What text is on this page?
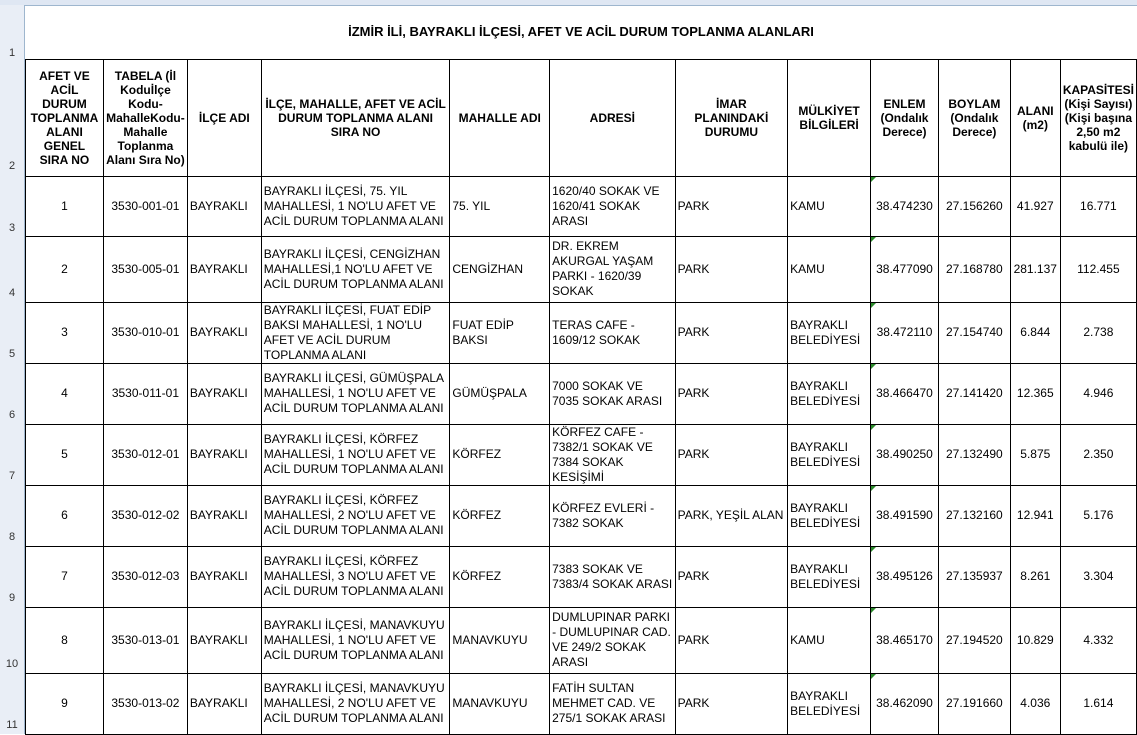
1
2
3
4
5
6
7
8
9
10
11
İZMİR İLİ, BAYRAKLI İLÇESİ, AFET VE ACİL DURUM TOPLANMA ALANLARI											
AFET VE ACİL DURUM TOPLANMA ALANI GENEL SIRA NO	TABELA (İl Koduİlçe Kodu-MahalleKodu-Mahalle Toplanma Alanı Sıra No)	İLÇE ADI	İLÇE, MAHALLE, AFET VE ACİL DURUM TOPLANMA ALANI SIRA NO	MAHALLE ADI	ADRESİ	İMAR PLANINDAKİ DURUMU	MÜLKİYET BİLGİLERİ	ENLEM (Ondalık Derece)	BOYLAM (Ondalık Derece)	ALANI (m2)	KAPASİTESİ (Kişi Sayısı) (Kişi başına 2,50 m2 kabulü ile)
1	3530-001-01	BAYRAKLI	BAYRAKLI İLÇESİ, 75. YIL MAHALLESİ, 1 NO'LU AFET VE ACİL DURUM TOPLANMA ALANI	75. YIL	1620/40 SOKAK VE 1620/41 SOKAK ARASI	PARK	KAMU	38.474230	27.156260	41.927	16.771
2	3530-005-01	BAYRAKLI	BAYRAKLI İLÇESİ, CENGİZHAN MAHALLESİ,1 NO'LU AFET VE ACİL DURUM TOPLANMA ALANI	CENGİZHAN	DR. EKREM AKURGAL YAŞAM PARKI - 1620/39 SOKAK	PARK	KAMU	38.477090	27.168780	281.137	112.455
3	3530-010-01	BAYRAKLI	BAYRAKLI İLÇESİ, FUAT EDİP BAKSI MAHALLESİ, 1 NO'LU AFET VE ACİL DURUM TOPLANMA ALANI	FUAT EDİP BAKSI	TERAS CAFE - 1609/12 SOKAK	PARK	BAYRAKLI BELEDİYESİ	38.472110	27.154740	6.844	2.738
4	3530-011-01	BAYRAKLI	BAYRAKLI İLÇESİ, GÜMÜŞPALA MAHALLESİ, 1 NO'LU AFET VE ACİL DURUM TOPLANMA ALANI	GÜMÜŞPALA	7000 SOKAK VE 7035 SOKAK ARASI	PARK	BAYRAKLI BELEDİYESİ	38.466470	27.141420	12.365	4.946
5	3530-012-01	BAYRAKLI	BAYRAKLI İLÇESİ, KÖRFEZ MAHALLESİ, 1 NO'LU AFET VE ACİL DURUM TOPLANMA ALANI	KÖRFEZ	KÖRFEZ CAFE - 7382/1 SOKAK VE 7384 SOKAK KESİŞİMİ	PARK	BAYRAKLI BELEDİYESİ	38.490250	27.132490	5.875	2.350
6	3530-012-02	BAYRAKLI	BAYRAKLI İLÇESİ, KÖRFEZ MAHALLESİ, 2 NO'LU AFET VE ACİL DURUM TOPLANMA ALANI	KÖRFEZ	KÖRFEZ EVLERİ - 7382 SOKAK	PARK, YEŞİL ALAN	BAYRAKLI BELEDİYESİ	38.491590	27.132160	12.941	5.176
7	3530-012-03	BAYRAKLI	BAYRAKLI İLÇESİ, KÖRFEZ MAHALLESİ, 3 NO'LU AFET VE ACİL DURUM TOPLANMA ALANI	KÖRFEZ	7383 SOKAK VE 7383/4 SOKAK ARASI	PARK	BAYRAKLI BELEDİYESİ	38.495126	27.135937	8.261	3.304
8	3530-013-01	BAYRAKLI	BAYRAKLI İLÇESİ, MANAVKUYU MAHALLESİ, 1 NO'LU AFET VE ACİL DURUM TOPLANMA ALANI	MANAVKUYU	DUMLUPINAR PARKI - DUMLUPINAR CAD. VE 249/2 SOKAK ARASI	PARK	KAMU	38.465170	27.194520	10.829	4.332
9	3530-013-02	BAYRAKLI	BAYRAKLI İLÇESİ, MANAVKUYU MAHALLESİ, 2 NO'LU AFET VE ACİL DURUM TOPLANMA ALANI	MANAVKUYU	FATİH SULTAN MEHMET CAD. VE 275/1 SOKAK ARASI	PARK	BAYRAKLI BELEDİYESİ	38.462090	27.191660	4.036	1.614
